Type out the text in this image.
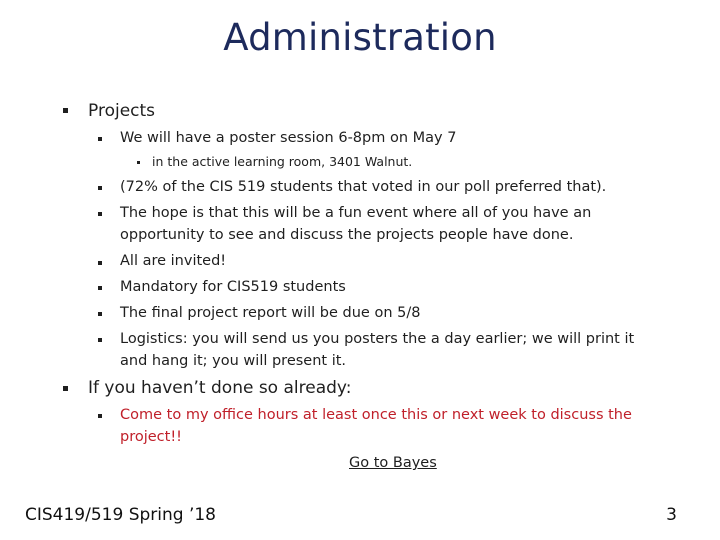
Administration
Projects
We will have a poster session 6-8pm on May 7
in the active learning room, 3401 Walnut.
(72% of the CIS 519 students that voted in our poll preferred that).
The hope is that this will be a fun event where all of you have an
opportunity to see and discuss the projects people have done.
All are invited!
Mandatory for CIS519 students
The final project report will be due on 5/8
Logistics: you will send us you posters the a day earlier; we will print it
and hang it; you will present it.
If you haven’t done so already:
Come to my office hours at least once this or next week to discuss the
project!!
Go to Bayes
CIS419/519 Spring ’18	3
